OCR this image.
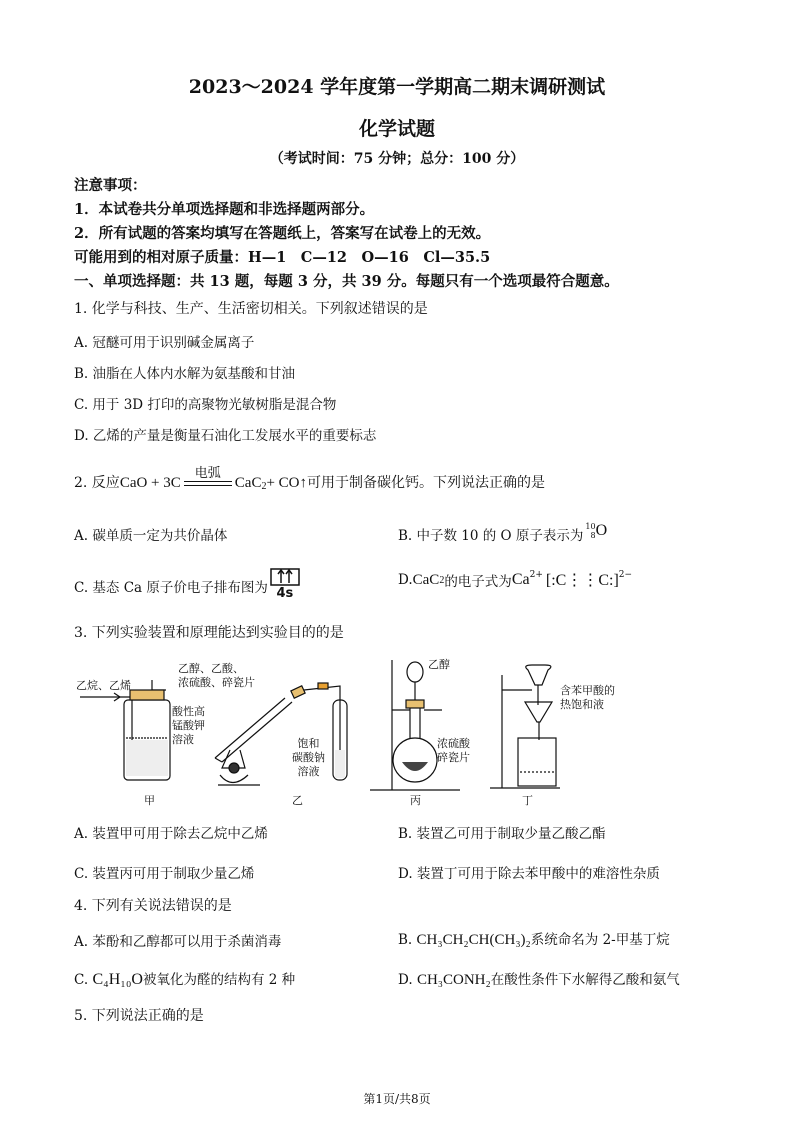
2023～2024 学年度第一学期高二期末调研测试
化学试题
（考试时间：75 分钟；总分：100 分）
注意事项：
1．本试卷共分单项选择题和非选择题两部分。
2．所有试题的答案均填写在答题纸上，答案写在试卷上的无效。
可能用到的相对原子质量：H—1　C—12　O—16　Cl—35.5
一、单项选择题：共 13 题，每题 3 分，共 39 分。每题只有一个选项最符合题意。
1. 化学与科技、生产、生活密切相关。下列叙述错误的是
A. 冠醚可用于识别碱金属离子
B. 油脂在人体内水解为氨基酸和甘油
C. 用于 3D 打印的高聚物光敏树脂是混合物
D. 乙烯的产量是衡量石油化工发展水平的重要标志
2. 反应 CaO + 3C
电弧
CaC 2 + CO↑ 可用于制备碳化钙。下列说法正确的是
A. 碳单质一定为共价晶体	B. 中子数 10 的 O 原子表示为
10
8 O
C. 基态 Ca 原子价电子排布图为 4s
D. CaC 2 的电子式为 $Ca^{2+}$ [:C⋮⋮C:]$^{2-}$
3. 下列实验装置和原理能达到实验目的的是
乙烷、乙烯
酸性高
锰酸钾
溶液
乙醇、乙酸、
浓硫酸、碎瓷片
饱和
碳酸钠
溶液
乙醇
浓硫酸
碎瓷片
含苯甲酸的
热饱和液
甲	乙	丙	丁
A. 装置甲可用于除去乙烷中乙烯	B. 装置乙可用于制取少量乙酸乙酯
C. 装置丙可用于制取少量乙烯	D. 装置丁可用于除去苯甲酸中的难溶性杂质
4. 下列有关说法错误的是
A. 苯酚和乙醇都可以用于杀菌消毒	B. CH₃CH₂CH(CH₃)₂系统命名为 2-甲基丁烷
C. C₄H₁₀O被氧化为醛的结构有 2 种	D. CH₃CONH₂在酸性条件下水解得乙酸和氨气
5. 下列说法正确的是
第1页/共8页
